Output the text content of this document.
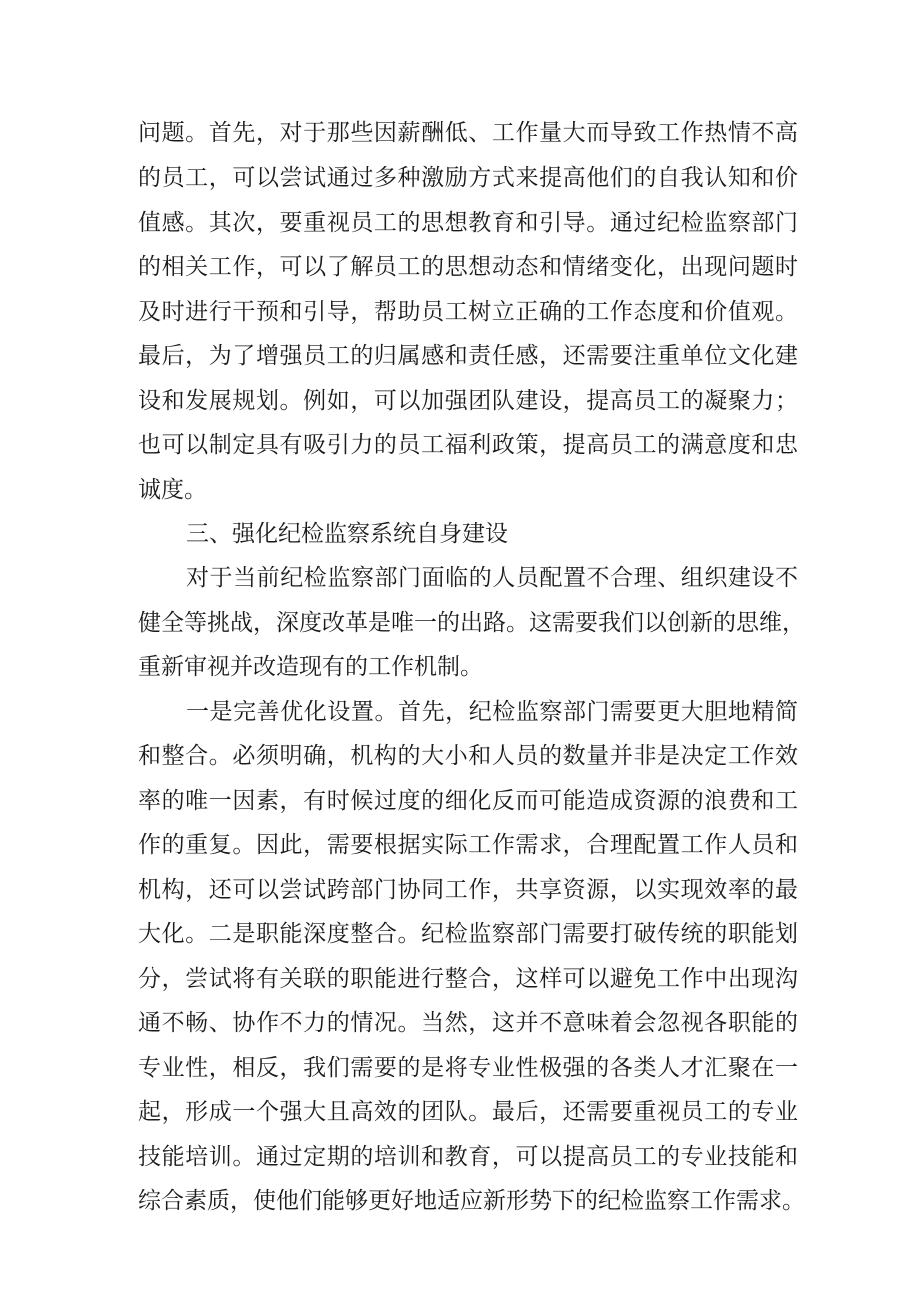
问题。首先，对于那些因薪酬低、工作量大而导致工作热情不高
的员工，可以尝试通过多种激励方式来提高他们的自我认知和价
值感。其次，要重视员工的思想教育和引导。通过纪检监察部门
的相关工作，可以了解员工的思想动态和情绪变化，出现问题时
及时进行干预和引导，帮助员工树立正确的工作态度和价值观。
最后，为了增强员工的归属感和责任感，还需要注重单位文化建
设和发展规划。例如，可以加强团队建设，提高员工的凝聚力；
也可以制定具有吸引力的员工福利政策，提高员工的满意度和忠
诚度。
三、强化纪检监察系统自身建设
对于当前纪检监察部门面临的人员配置不合理、组织建设不
健全等挑战，深度改革是唯一的出路。这需要我们以创新的思维，
重新审视并改造现有的工作机制。
一是完善优化设置。首先，纪检监察部门需要更大胆地精简
和整合。必须明确，机构的大小和人员的数量并非是决定工作效
率的唯一因素，有时候过度的细化反而可能造成资源的浪费和工
作的重复。因此，需要根据实际工作需求，合理配置工作人员和
机构，还可以尝试跨部门协同工作，共享资源，以实现效率的最
大化。二是职能深度整合。纪检监察部门需要打破传统的职能划
分，尝试将有关联的职能进行整合，这样可以避免工作中出现沟
通不畅、协作不力的情况。当然，这并不意味着会忽视各职能的
专业性，相反，我们需要的是将专业性极强的各类人才汇聚在一
起，形成一个强大且高效的团队。最后，还需要重视员工的专业
技能培训。通过定期的培训和教育，可以提高员工的专业技能和
综合素质，使他们能够更好地适应新形势下的纪检监察工作需求。
